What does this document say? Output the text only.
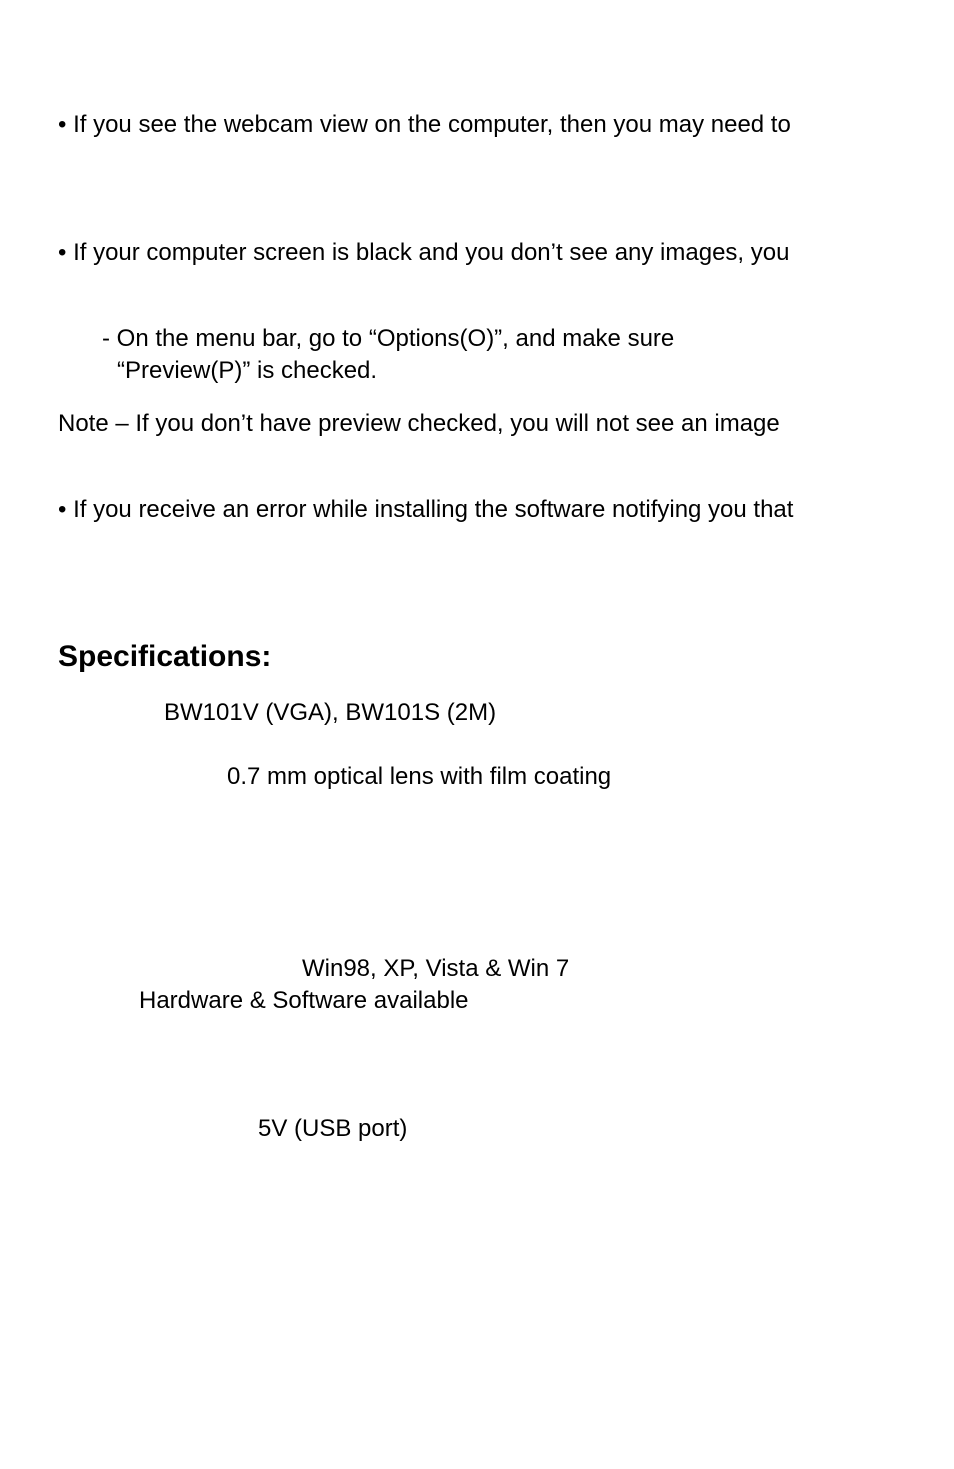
• If you see the webcam view on the computer, then you may need to
• If your computer screen is black and you don’t see any images, you
- On the menu bar, go to “Options(O)”, and make sure
“Preview(P)” is checked.
Note – If you don’t have preview checked, you will not see an image
• If you receive an error while installing the software notifying you that
Specifications:
BW101V (VGA), BW101S (2M)
0.7 mm optical lens with film coating
Win98, XP, Vista & Win 7
Hardware & Software available
5V (USB port)
